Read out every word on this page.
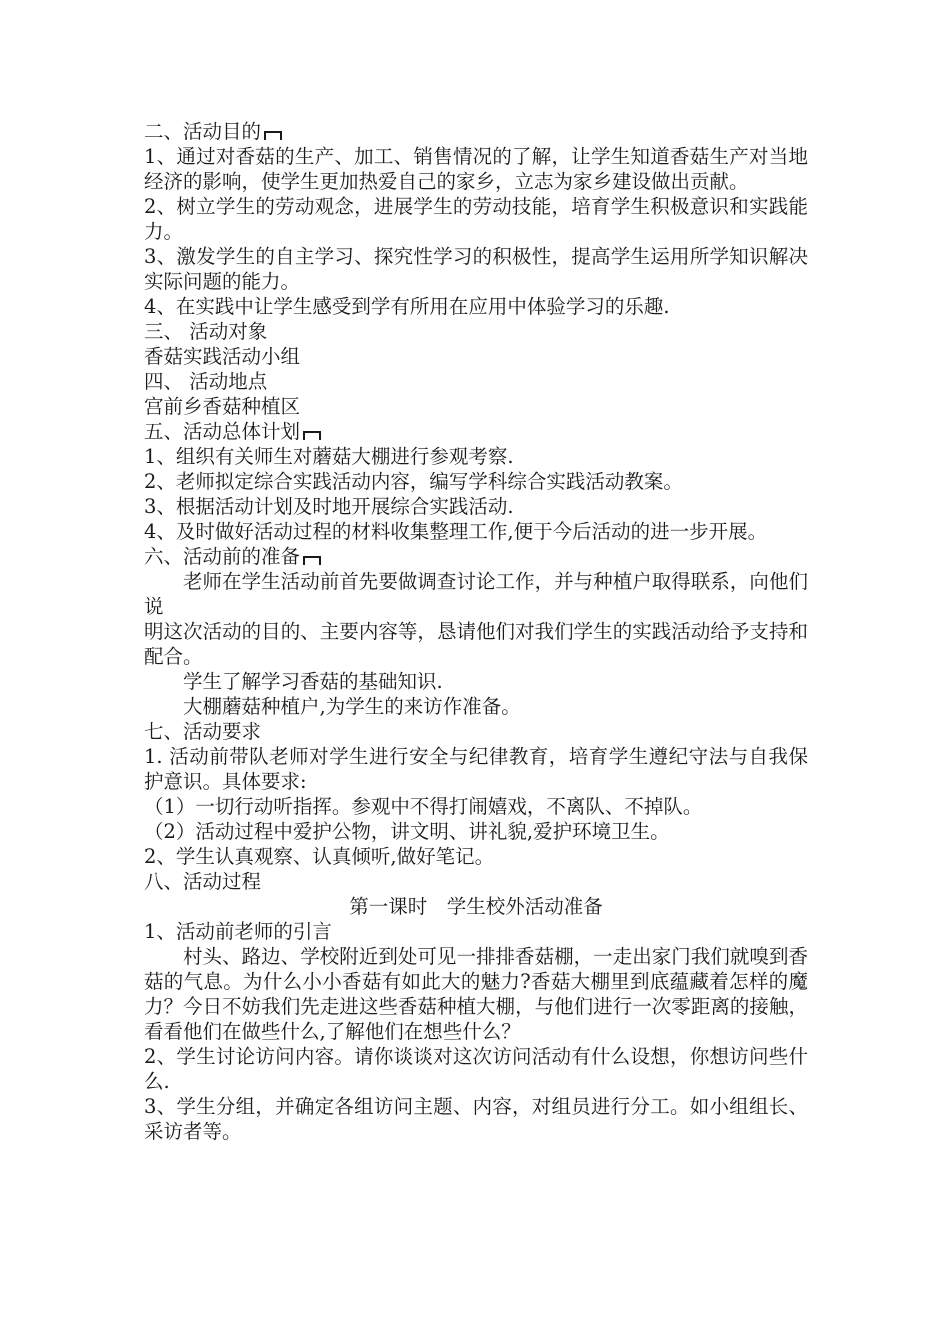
二、活动目的
1、通过对香菇的生产、加工、销售情况的了解，让学生知道香菇生产对当地经济的影响，使学生更加热爱自己的家乡，立志为家乡建设做出贡献。
2、树立学生的劳动观念，进展学生的劳动技能，培育学生积极意识和实践能力。
3、激发学生的自主学习、探究性学习的积极性，提高学生运用所学知识解决实际问题的能力。
4、在实践中让学生感受到学有所用在应用中体验学习的乐趣.
三、 活动对象
香菇实践活动小组
四、 活动地点
宫前乡香菇种植区
五、活动总体计划
1、组织有关师生对蘑菇大棚进行参观考察.
2、老师拟定综合实践活动内容，编写学科综合实践活动教案。
3、根据活动计划及时地开展综合实践活动.
4、及时做好活动过程的材料收集整理工作,便于今后活动的进一步开展。
六、活动前的准备
老师在学生活动前首先要做调查讨论工作，并与种植户取得联系，向他们说
明这次活动的目的、主要内容等，恳请他们对我们学生的实践活动给予支持和配合。
学生了解学习香菇的基础知识.
大棚蘑菇种植户,为学生的来访作准备。
七、活动要求
1. 活动前带队老师对学生进行安全与纪律教育，培育学生遵纪守法与自我保护意识。具体要求:
（1）一切行动听指挥。参观中不得打闹嬉戏，不离队、不掉队。
（2）活动过程中爱护公物，讲文明、讲礼貌,爱护环境卫生。
2、学生认真观察、认真倾听,做好笔记。
八、活动过程
第一课时　学生校外活动准备
1、活动前老师的引言
村头、路边、学校附近到处可见一排排香菇棚，一走出家门我们就嗅到香菇的气息。为什么小小香菇有如此大的魅力?香菇大棚里到底蕴藏着怎样的魔力？今日不妨我们先走进这些香菇种植大棚，与他们进行一次零距离的接触，看看他们在做些什么,了解他们在想些什么？
2、学生讨论访问内容。请你谈谈对这次访问活动有什么设想，你想访问些什么.
3、学生分组，并确定各组访问主题、内容，对组员进行分工。如小组组长、采访者等。
